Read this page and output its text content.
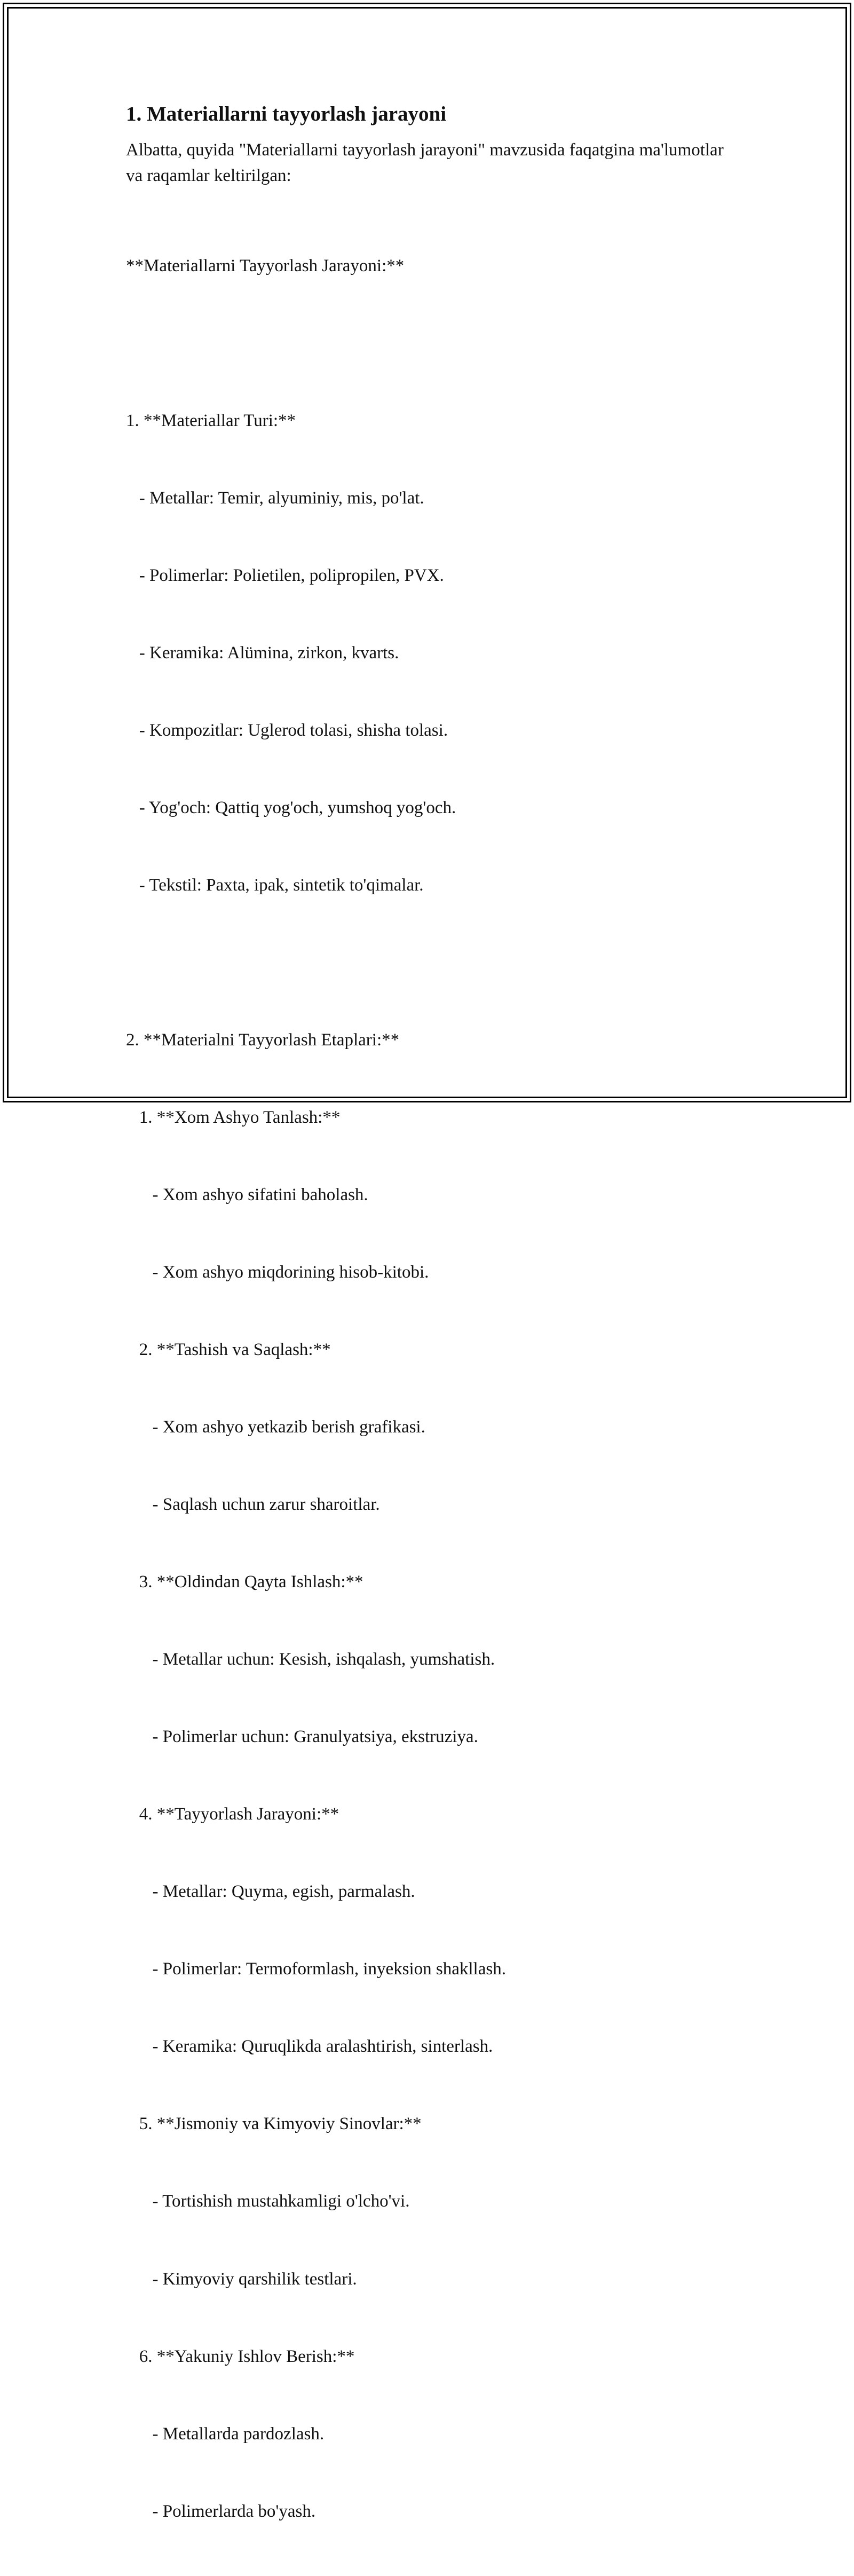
1. Materiallarni tayyorlash jarayoni

Albatta, quyida "Materiallarni tayyorlash jarayoni" mavzusida faqatgina ma'lumotlar va raqamlar keltirilgan:

**Materiallarni Tayyorlash Jarayoni:**

1. **Materiallar Turi:**

- Metallar: Temir, alyuminiy, mis, po'lat.

- Polimerlar: Polietilen, polipropilen, PVX.

- Keramika: Alümina, zirkon, kvarts.

- Kompozitlar: Uglerod tolasi, shisha tolasi.

- Yog'och: Qattiq yog'och, yumshoq yog'och.

- Tekstil: Paxta, ipak, sintetik to'qimalar.

2. **Materialni Tayyorlash Etaplari:**

1. **Xom Ashyo Tanlash:**

- Xom ashyo sifatini baholash.

- Xom ashyo miqdorining hisob-kitobi.

2. **Tashish va Saqlash:**

- Xom ashyo yetkazib berish grafikasi.

- Saqlash uchun zarur sharoitlar.

3. **Oldindan Qayta Ishlash:**

- Metallar uchun: Kesish, ishqalash, yumshatish.

- Polimerlar uchun: Granulyatsiya, ekstruziya.

4. **Tayyorlash Jarayoni:**

- Metallar: Quyma, egish, parmalash.

- Polimerlar: Termoformlash, inyeksion shakllash.

- Keramika: Quruqlikda aralashtirish, sinterlash.

5. **Jismoniy va Kimyoviy Sinovlar:**

- Tortishish mustahkamligi o'lcho'vi.

- Kimyoviy qarshilik testlari.

6. **Yakuniy Ishlov Berish:**

- Metallarda pardozlash.

- Polimerlarda bo'yash.
